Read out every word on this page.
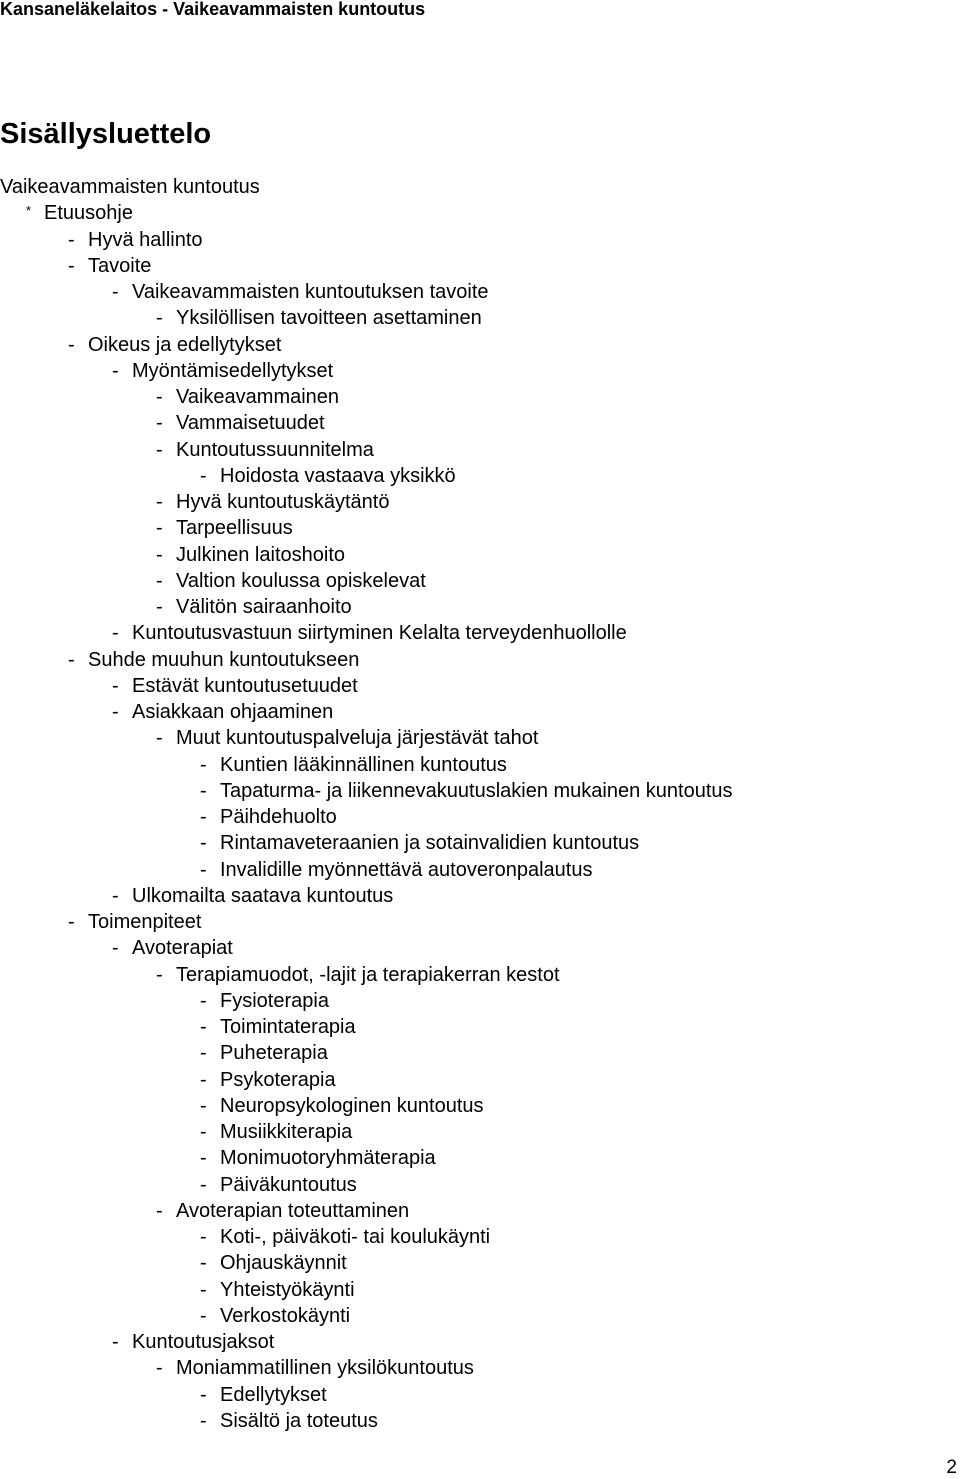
Kansaneläkelaitos - Vaikeavammaisten kuntoutus
Sisällysluettelo
Vaikeavammaisten kuntoutus
* Etuusohje
- Hyvä hallinto
- Tavoite
- Vaikeavammaisten kuntoutuksen tavoite
- Yksilöllisen tavoitteen asettaminen
- Oikeus ja edellytykset
- Myöntämisedellytykset
- Vaikeavammainen
- Vammaisetuudet
- Kuntoutussuunnitelma
- Hoidosta vastaava yksikkö
- Hyvä kuntoutuskäytäntö
- Tarpeellisuus
- Julkinen laitoshoito
- Valtion koulussa opiskelevat
- Välitön sairaanhoito
- Kuntoutusvastuun siirtyminen Kelalta terveydenhuollolle
- Suhde muuhun kuntoutukseen
- Estävät kuntoutusetuudet
- Asiakkaan ohjaaminen
- Muut kuntoutuspalveluja järjestävät tahot
- Kuntien lääkinnällinen kuntoutus
- Tapaturma- ja liikennevakuutuslakien mukainen kuntoutus
- Päihdehuolto
- Rintamaveteraanien ja sotainvalidien kuntoutus
- Invalidille myönnettävä autoveronpalautus
- Ulkomailta saatava kuntoutus
- Toimenpiteet
- Avoterapiat
- Terapiamuodot, -lajit ja terapiakerran kestot
- Fysioterapia
- Toimintaterapia
- Puheterapia
- Psykoterapia
- Neuropsykologinen kuntoutus
- Musiikkiterapia
- Monimuotoryhmäterapia
- Päiväkuntoutus
- Avoterapian toteuttaminen
- Koti-, päiväkoti- tai koulukäynti
- Ohjauskäynnit
- Yhteistyökäynti
- Verkostokäynti
- Kuntoutusjaksot
- Moniammatillinen yksilökuntoutus
- Edellytykset
- Sisältö ja toteutus
2
